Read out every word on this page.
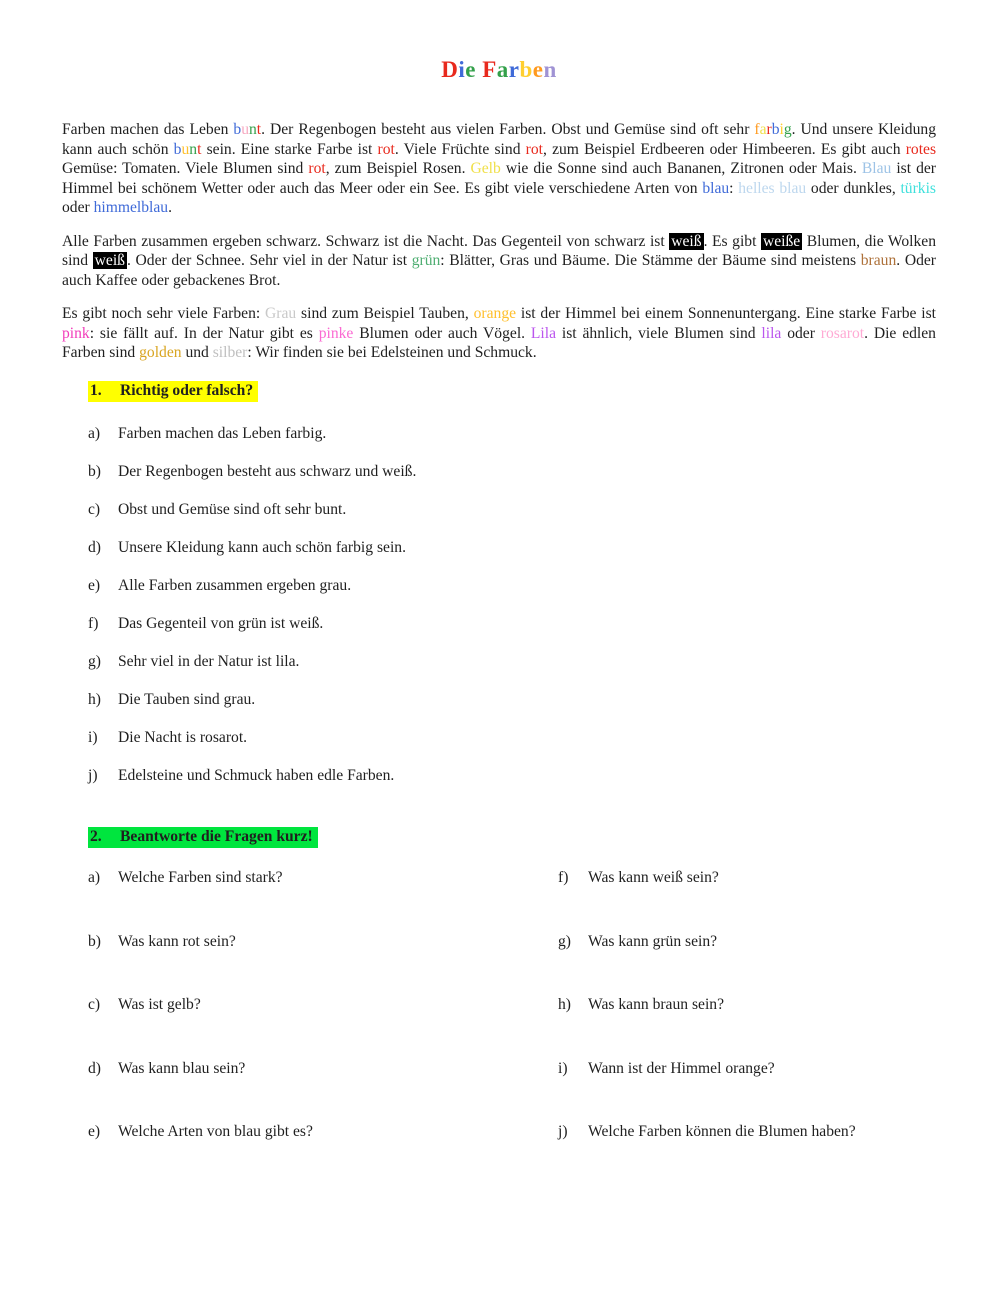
Die Farben

Farben machen das Leben bunt. Der Regenbogen besteht aus vielen Farben. Obst und Gemüse sind oft sehr farbig. Und unsere Kleidung kann auch schön bunt sein. Eine starke Farbe ist rot. Viele Früchte sind rot, zum Beispiel Erdbeeren oder Himbeeren. Es gibt auch rotes Gemüse: Tomaten. Viele Blumen sind rot, zum Beispiel Rosen. Gelb wie die Sonne sind auch Bananen, Zitronen oder Mais. Blau ist der Himmel bei schönem Wetter oder auch das Meer oder ein See. Es gibt viele verschiedene Arten von blau: helles blau oder dunkles, türkis oder himmelblau.

Alle Farben zusammen ergeben schwarz. Schwarz ist die Nacht. Das Gegenteil von schwarz ist weiß . Es gibt weiße Blumen, die Wolken sind weiß . Oder der Schnee. Sehr viel in der Natur ist grün: Blätter, Gras und Bäume. Die Stämme der Bäume sind meistens braun. Oder auch Kaffee oder gebackenes Brot.

Es gibt noch sehr viele Farben: Grau sind zum Beispiel Tauben, orange ist der Himmel bei einem Sonnenuntergang. Eine starke Farbe ist pink: sie fällt auf. In der Natur gibt es pinke Blumen oder auch Vögel. Lila ist ähnlich, viele Blumen sind lila oder rosarot. Die edlen Farben sind golden und silber: Wir finden sie bei Edelsteinen und Schmuck.

1. Richtig oder falsch?
a)	Farben machen das Leben farbig.
b)	Der Regenbogen besteht aus schwarz und weiß.
c)	Obst und Gemüse sind oft sehr bunt.
d)	Unsere Kleidung kann auch schön farbig sein.
e)	Alle Farben zusammen ergeben grau.
f)	Das Gegenteil von grün ist weiß.
g)	Sehr viel in der Natur ist lila.
h)	Die Tauben sind grau.
i)	Die Nacht is rosarot.
j)	Edelsteine und Schmuck haben edle Farben.
2. Beantworte die Fragen kurz!
a)	Welche Farben sind stark?
b)	Was kann rot sein?
c)	Was ist gelb?
d)	Was kann blau sein?
e)	Welche Arten von blau gibt es?
f)	Was kann weiß sein?
g)	Was kann grün sein?
h)	Was kann braun sein?
i)	Wann ist der Himmel orange?
j)	Welche Farben können die Blumen haben?
